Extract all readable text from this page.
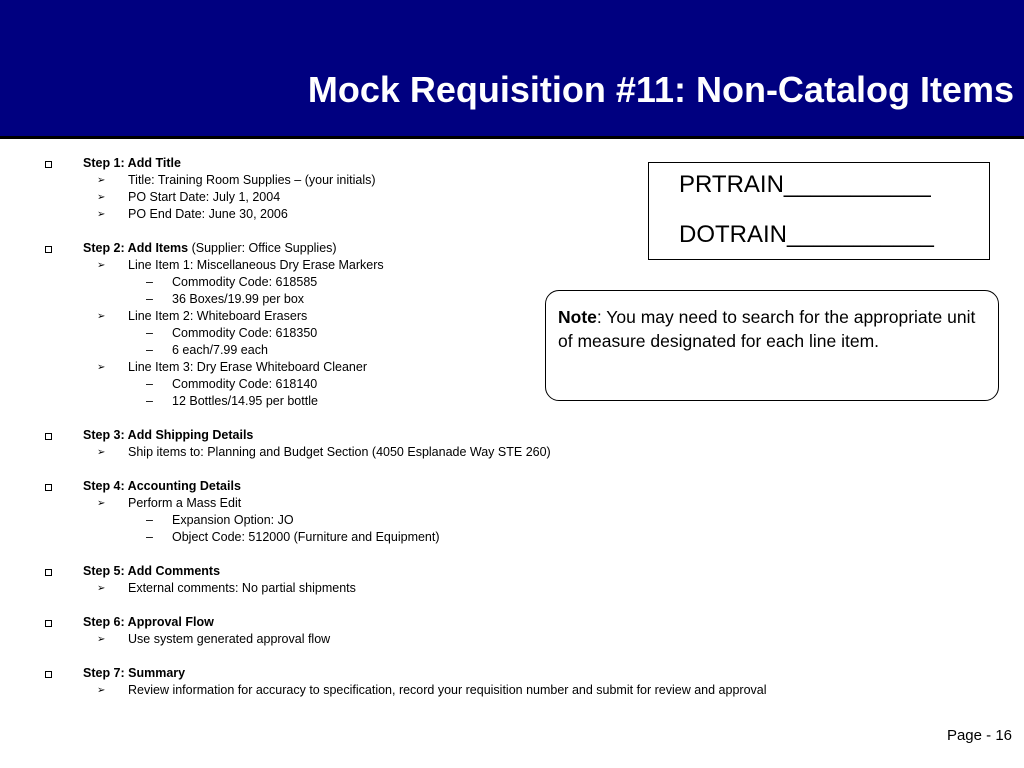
Mock Requisition #11: Non-Catalog Items
Step 1: Add Title
➢ Title: Training Room Supplies – (your initials)
➢ PO Start Date: July 1, 2004
➢ PO End Date: June 30, 2006
Step 2: Add Items (Supplier: Office Supplies)
➢ Line Item 1: Miscellaneous Dry Erase Markers
– Commodity Code: 618585
– 36 Boxes/19.99 per box
➢ Line Item 2: Whiteboard Erasers
– Commodity Code: 618350
– 6 each/7.99 each
➢ Line Item 3: Dry Erase Whiteboard Cleaner
– Commodity Code: 618140
– 12 Bottles/14.95 per bottle
Step 3: Add Shipping Details
➢ Ship items to: Planning and Budget Section (4050 Esplanade Way STE 260)
Step 4: Accounting Details
➢ Perform a Mass Edit
– Expansion Option: JO
– Object Code: 512000 (Furniture and Equipment)
Step 5: Add Comments
➢ External comments: No partial shipments
Step 6: Approval Flow
➢ Use system generated approval flow
Step 7: Summary
➢ Review information for accuracy to specification, record your requisition number and submit for review and approval
PRTRAIN___________
DOTRAIN___________
Note: You may need to search for the appropriate unit of measure designated for each line item.
Page - 16
